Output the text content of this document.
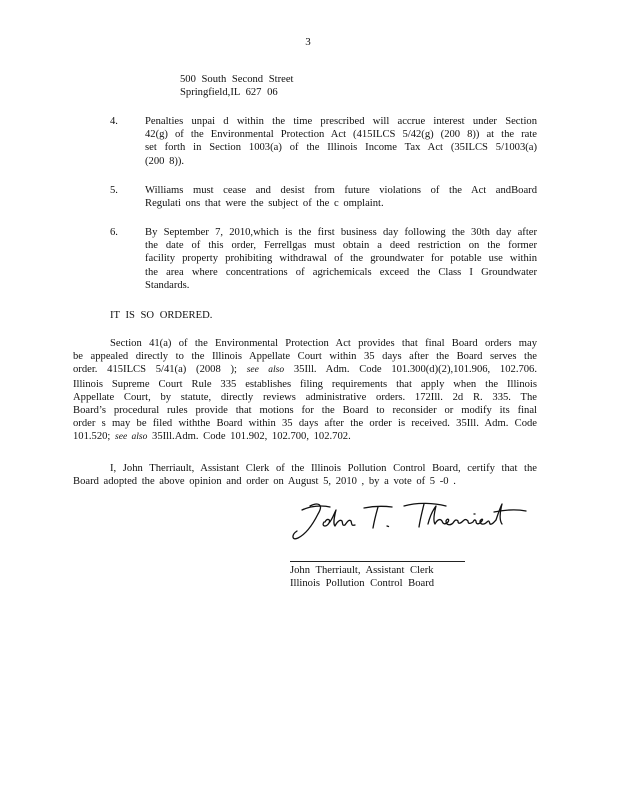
3
500 South Second Street
Springfield,IL 627 06
4.	Penalties unpai d within the time prescribed will accrue interest under Section
42(g) of the Environmental Protection Act (415ILCS 5/42(g) (200 8)) at the rate
set forth in Section 1003(a) of the Illinois Income Tax Act (35ILCS 5/1003(a)
(200 8)).
5.	Williams must cease and desist from future violations of the Act andBoard
Regulati ons that were the subject of the c omplaint.
6.	By September 7, 2010,which is the first business day following the 30th day after
the date of this order, Ferrellgas must obtain a deed restriction on the former
facility property prohibiting withdrawal of the groundwater for potable use within
the area where concentrations of agrichemicals exceed the Class I Groundwater
Standards.
IT IS SO ORDERED.
Section 41(a) of the Environmental Protection Act provides that final Board orders may
be appealed directly to the Illinois Appellate Court within 35 days after the Board serves the
order. 415ILCS 5/41(a) (2008 ); see also 35Ill. Adm. Code 101.300(d)(2),101.906, 102.706.
Illinois Supreme Court Rule 335 establishes filing requirements that apply when the Illinois
Appellate Court, by statute, directly reviews administrative orders. 172Ill. 2d R. 335. The
Board’s procedural rules provide that motions for the Board to reconsider or modify its final
order s may be filed withthe Board within 35 days after the order is received. 35Ill. Adm. Code
101.520; see also 35Ill.Adm. Code 101.902, 102.700, 102.702.
I, John Therriault, Assistant Clerk of the Illinois Pollution Control Board, certify that the
Board adopted the above opinion and order on August 5, 2010 , by a vote of 5 -0 .
John Therriault, Assistant Clerk
Illinois Pollution Control Board
